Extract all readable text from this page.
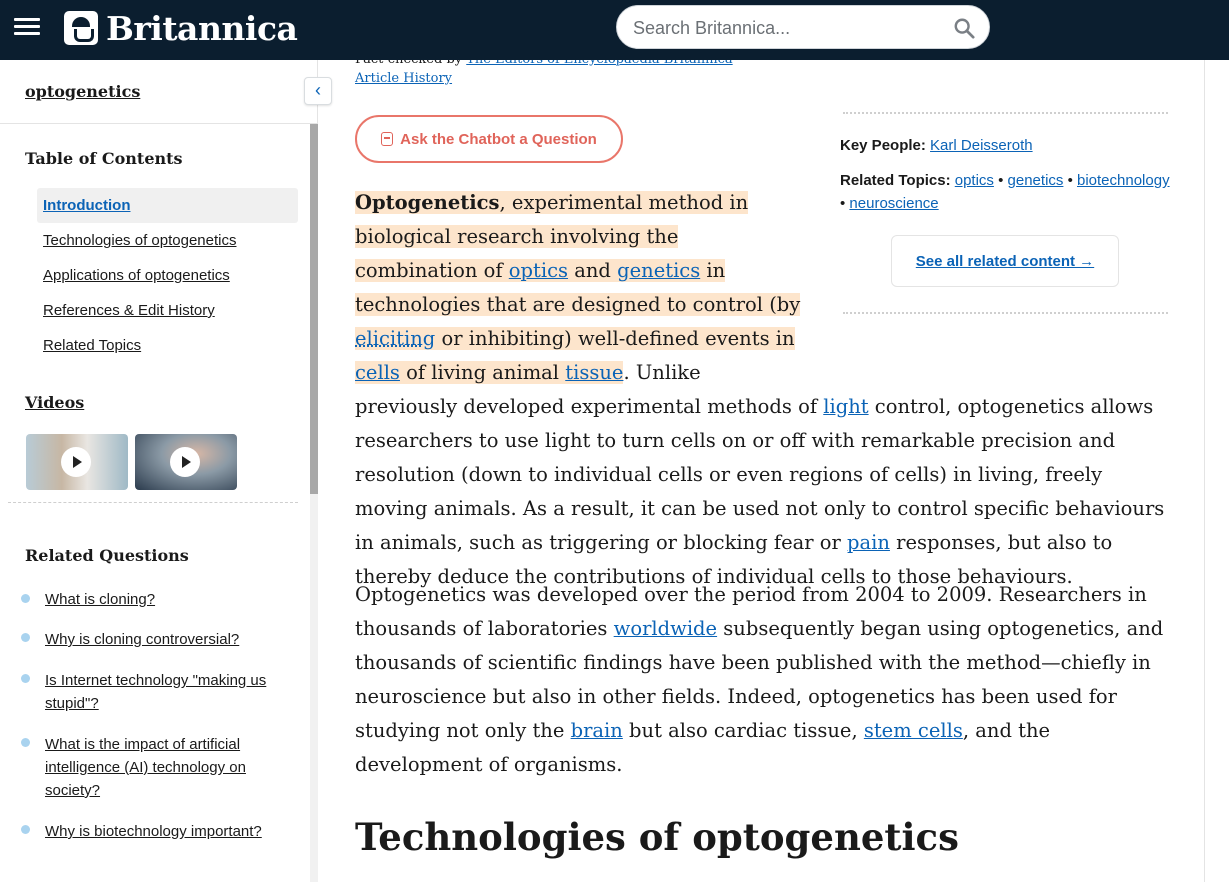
Britannica
Search Britannica...
optogenetics	‹
Table of Contents
Introduction
Technologies of optogenetics
Applications of optogenetics
References & Edit History
Related Topics
Videos
Related Questions
What is cloning?
Why is cloning controversial?
Is Internet technology "making us stupid"?
What is the impact of artificial intelligence (AI) technology on society?
Why is biotechnology important?
Article History
Ask the Chatbot a Question	Key People: Karl Deisseroth
Related Topics: optics • genetics • biotechnology • neuroscience
See all related content →
Optogenetics, experimental method in biological research involving the combination of optics and genetics in technologies that are designed to control (by eliciting or inhibiting) well-defined events in cells of living animal tissue. Unlike previously developed experimental methods of light control, optogenetics allows researchers to use light to turn cells on or off with remarkable precision and resolution (down to individual cells or even regions of cells) in living, freely moving animals. As a result, it can be used not only to control specific behaviours in animals, such as triggering or blocking fear or pain responses, but also to thereby deduce the contributions of individual cells to those behaviours.
Optogenetics was developed over the period from 2004 to 2009. Researchers in thousands of laboratories worldwide subsequently began using optogenetics, and thousands of scientific findings have been published with the method—chiefly in neuroscience but also in other fields. Indeed, optogenetics has been used for studying not only the brain but also cardiac tissue, stem cells, and the development of organisms.
Technologies of optogenetics
